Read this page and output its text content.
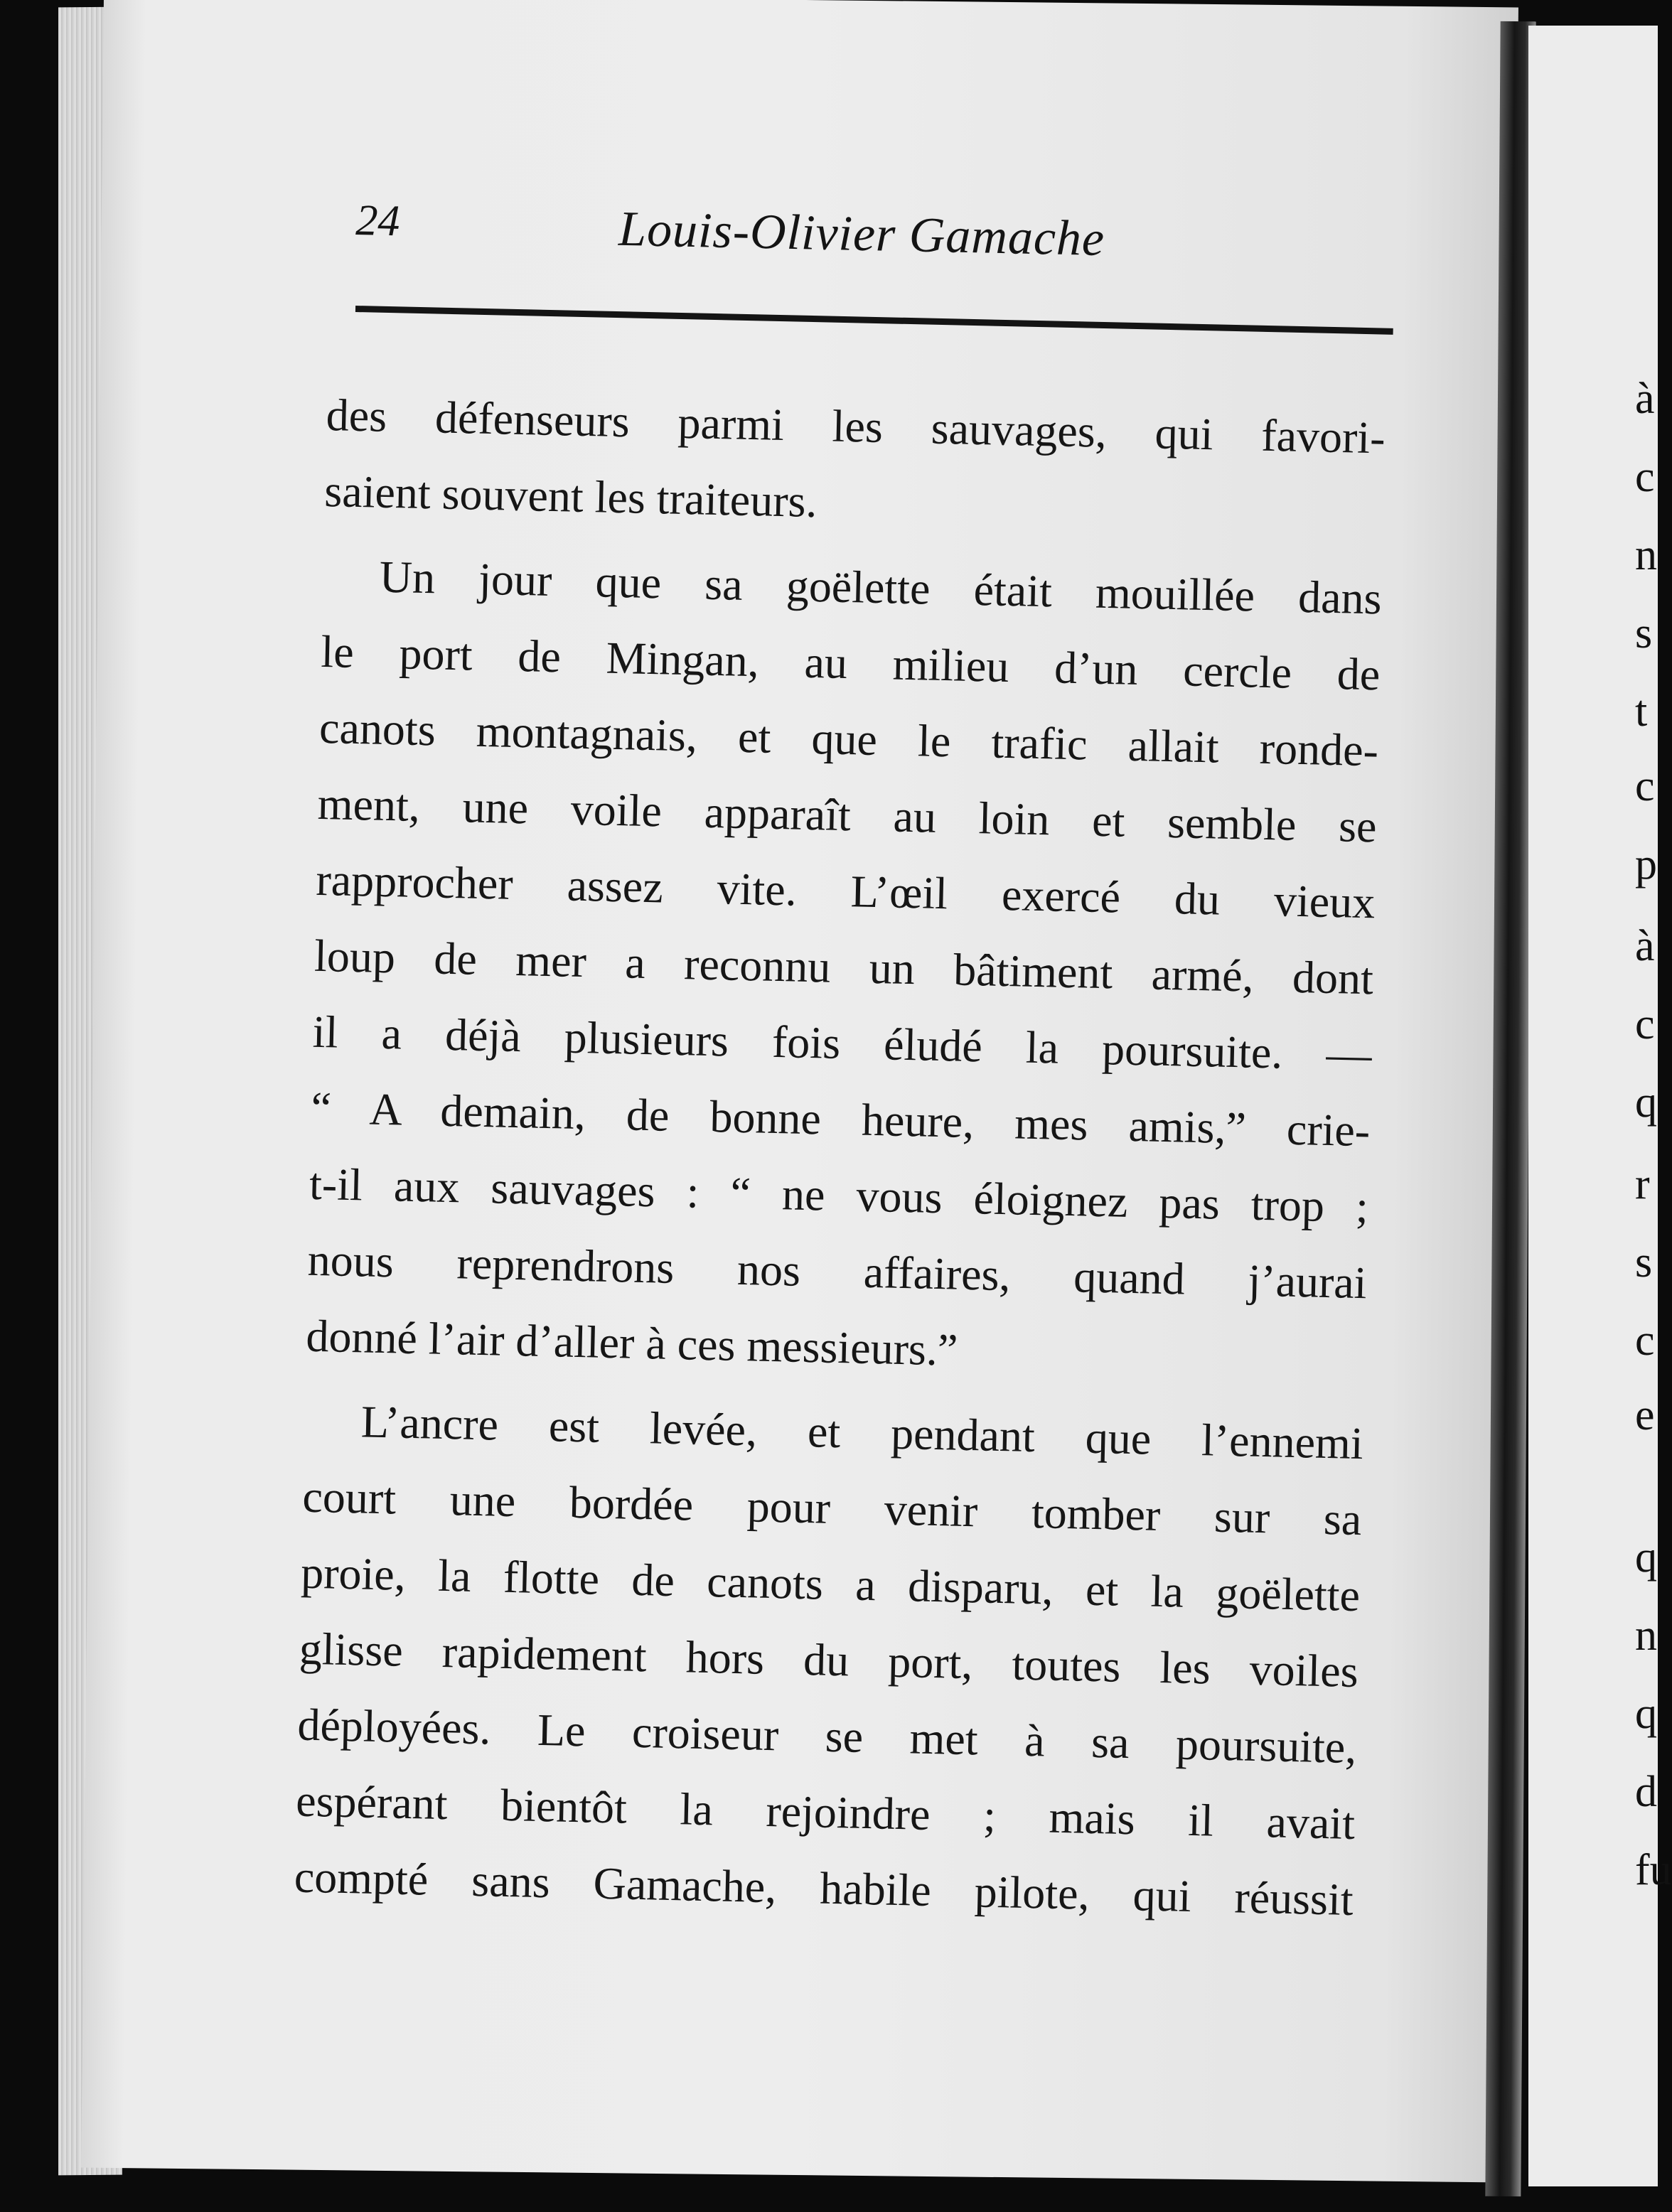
à
c
n
s
t
c
p
à
c
q
r
s
c
e
q
n
q
d
fu
24	Louis-Olivier Gamache
des défenseurs parmi les sauvages, qui favori-
saient souvent les traiteurs.
Un jour que sa goëlette était mouillée dans
le port de Mingan, au milieu d’un cercle de
canots montagnais, et que le trafic allait ronde-
ment, une voile apparaît au loin et semble se
rapprocher assez vite. L’œil exercé du vieux
loup de mer a reconnu un bâtiment armé, dont
il a déjà plusieurs fois éludé la poursuite. —
“ A demain, de bonne heure, mes amis,” crie-
t-il aux sauvages : “ ne vous éloignez pas trop ;
nous reprendrons nos affaires, quand j’aurai
donné l’air d’aller à ces messieurs.”
L’ancre est levée, et pendant que l’ennemi
court une bordée pour venir tomber sur sa
proie, la flotte de canots a disparu, et la goëlette
glisse rapidement hors du port, toutes les voiles
déployées. Le croiseur se met à sa poursuite,
espérant bientôt la rejoindre ; mais il avait
compté sans Gamache, habile pilote, qui réussit
